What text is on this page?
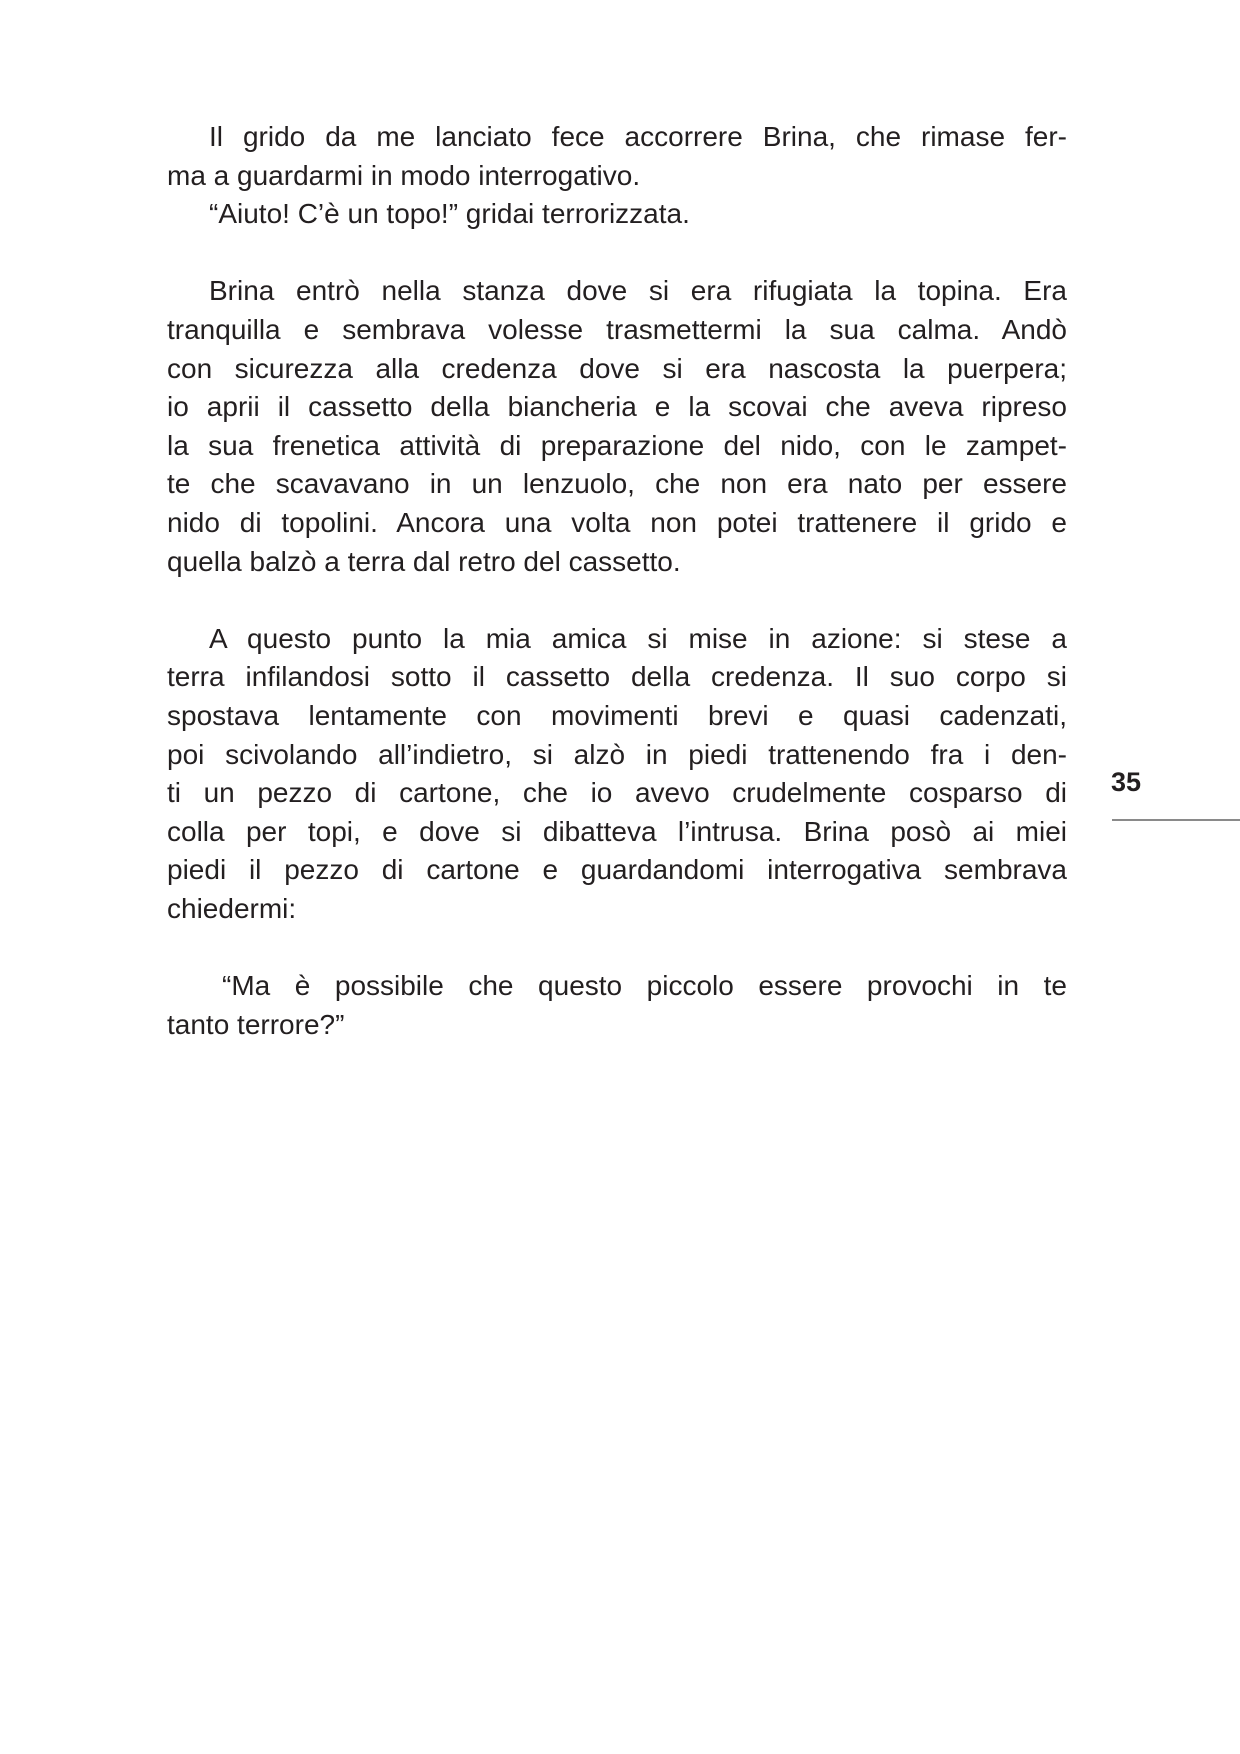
Il grido da me lanciato fece accorrere Brina, che rimase fer-
ma a guardarmi in modo interrogativo.
“Aiuto! C’è un topo!” gridai terrorizzata.
Brina entrò nella stanza dove si era rifugiata la topina. Era
tranquilla e sembrava volesse trasmettermi la sua calma. Andò
con sicurezza alla credenza dove si era nascosta la puerpera;
io aprii il cassetto della biancheria e la scovai che aveva ripreso
la sua frenetica attività di preparazione del nido, con le zampet-
te che scavavano in un lenzuolo, che non era nato per essere
nido di topolini. Ancora una volta non potei trattenere il grido e
quella balzò a terra dal retro del cassetto.
A questo punto la mia amica si mise in azione: si stese a
terra infilandosi sotto il cassetto della credenza. Il suo corpo si
spostava lentamente con movimenti brevi e quasi cadenzati,
poi scivolando all’indietro, si alzò in piedi trattenendo fra i den-
ti un pezzo di cartone, che io avevo crudelmente cosparso di
colla per topi, e dove si dibatteva l’intrusa. Brina posò ai miei
piedi il pezzo di cartone e guardandomi interrogativa sembrava
chiedermi:
“Ma è possibile che questo piccolo essere provochi in te
tanto terrore?”
35
